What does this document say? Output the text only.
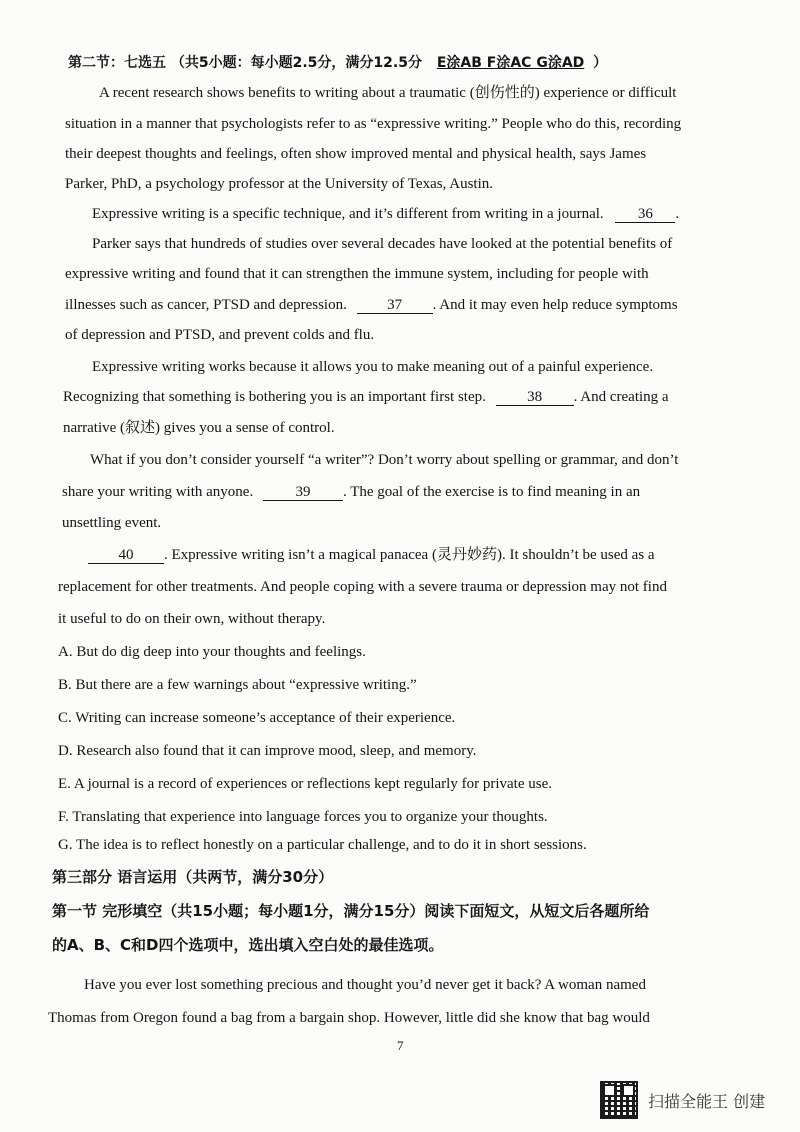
第二节：七选五 （共5小题：每小题2.5分，满分12.5分 E涂AB F涂AC G涂AD ）
A recent research shows benefits to writing about a traumatic (创伤性的) experience or difficult
situation in a manner that psychologists refer to as “expressive writing.” People who do this, recording
their deepest thoughts and feelings, often show improved mental and physical health, says James
Parker, PhD, a psychology professor at the University of Texas, Austin.
Expressive writing is a specific technique, and it’s different from writing in a journal. 36 .
Parker says that hundreds of studies over several decades have looked at the potential benefits of
expressive writing and found that it can strengthen the immune system, including for people with
illnesses such as cancer, PTSD and depression.	37 . And it may even help reduce symptoms
of depression and PTSD, and prevent colds and flu.
Expressive writing works because it allows you to make meaning out of a painful experience.
Recognizing that something is bothering you is an important first step.	38 . And creating a
narrative (叙述) gives you a sense of control.
What if you don’t consider yourself “a writer”? Don’t worry about spelling or grammar, and don’t
share your writing with anyone.	39 . The goal of the exercise is to find meaning in an
unsettling event.
40 . Expressive writing isn’t a magical panacea (灵丹妙药). It shouldn’t be used as a
replacement for other treatments. And people coping with a severe trauma or depression may not find
it useful to do on their own, without therapy.
A. But do dig deep into your thoughts and feelings.
B. But there are a few warnings about “expressive writing.”
C. Writing can increase someone’s acceptance of their experience.
D. Research also found that it can improve mood, sleep, and memory.
E. A journal is a record of experiences or reflections kept regularly for private use.
F. Translating that experience into language forces you to organize your thoughts.
G. The idea is to reflect honestly on a particular challenge, and to do it in short sessions.
第三部分 语言运用（共两节，满分30分）
第一节 完形填空（共15小题；每小题1分，满分15分）阅读下面短文，从短文后各题所给
的A、B、C和D四个选项中，选出填入空白处的最佳选项。
Have you ever lost something precious and thought you’d never get it back? A woman named
Thomas from Oregon found a bag from a bargain shop. However, little did she know that bag would
7
扫描全能王 创建
